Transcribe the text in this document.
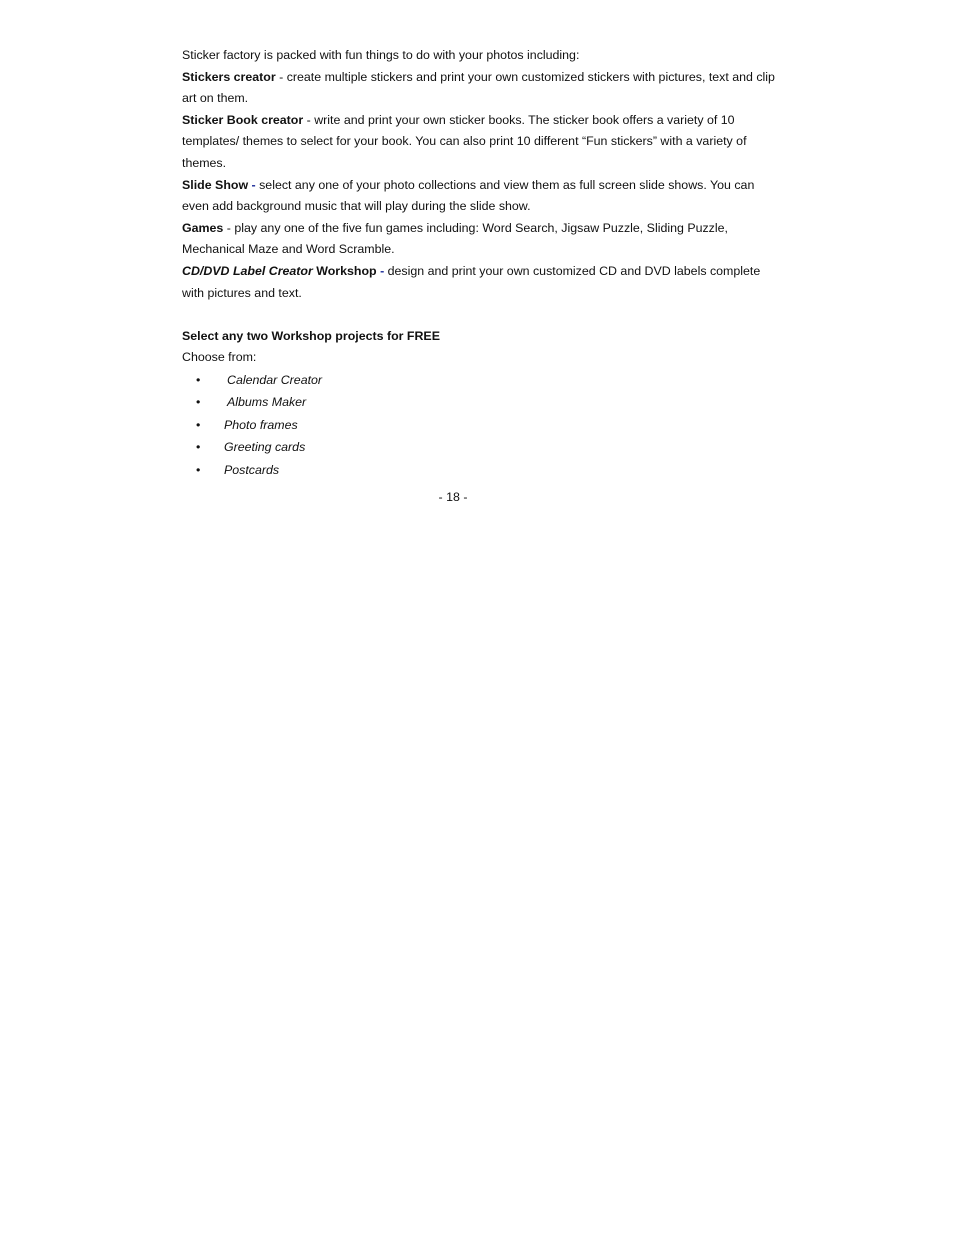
Sticker factory is packed with fun things to do with your photos including:

Stickers creator - create multiple stickers and print your own customized stickers with pictures, text and clip art on them.

Sticker Book creator - write and print your own sticker books. The sticker book offers a variety of 10 templates/ themes to select for your book. You can also print 10 different “Fun stickers” with a variety of themes.

Slide Show - select any one of your photo collections and view them as full screen slide shows. You can even add background music that will play during the slide show.

Games - play any one of the five fun games including: Word Search, Jigsaw Puzzle, Sliding Puzzle, Mechanical Maze and Word Scramble.

CD/DVD Label Creator Workshop - design and print your own customized CD and DVD labels complete with pictures and text.

Select any two Workshop projects for FREE

Choose from:

• Calendar Creator
• Albums Maker
• Photo frames
• Greeting cards
• Postcards
- 18 -
